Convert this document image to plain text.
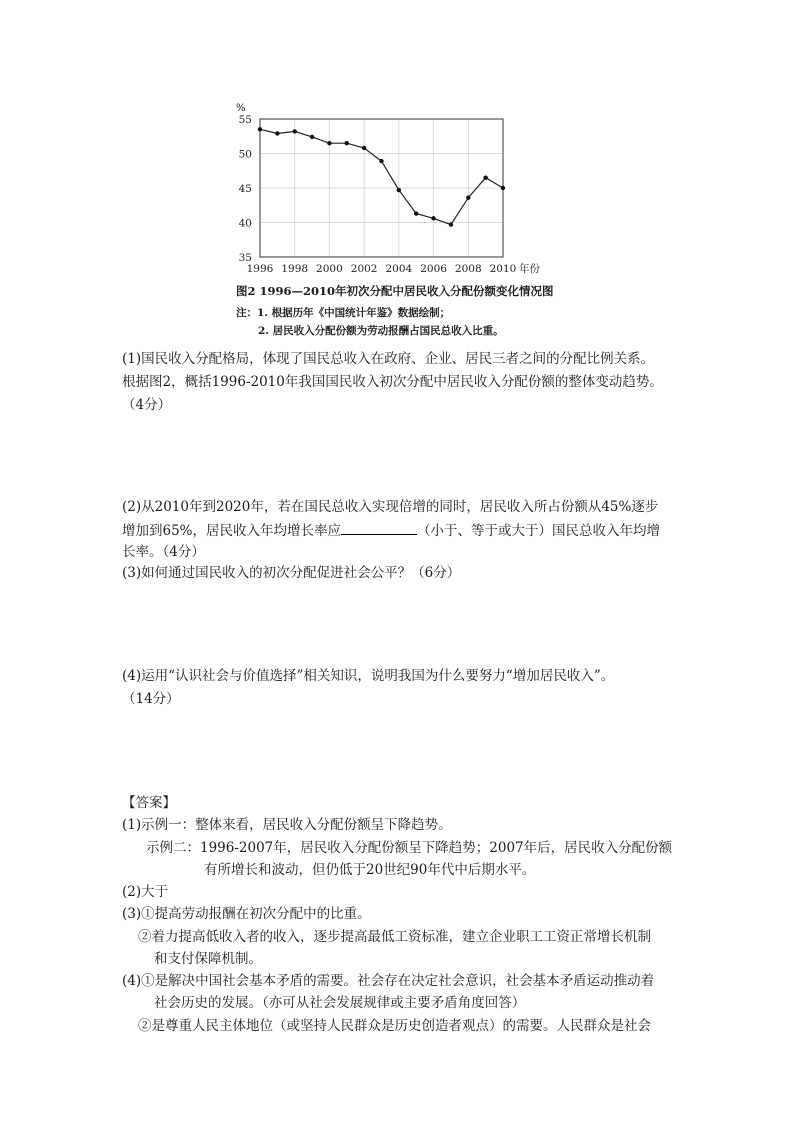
%
35
40
45
50
55
1996 1998 2000 2002 2004 2006 2008 2010 年份
图2 1996—2010年初次分配中居民收入分配份额变化情况图
注：1. 根据历年《中国统计年鉴》数据绘制；
2. 居民收入分配份额为劳动报酬占国民总收入比重。
(1)国民收入分配格局，体现了国民总收入在政府、企业、居民三者之间的分配比例关系。
根据图2，概括1996-2010年我国国民收入初次分配中居民收入分配份额的整体变动趋势。
（4分）
(2)从2010年到2020年，若在国民总收入实现倍增的同时，居民收入所占份额从45%逐步
增加到65%，居民收入年均增长率应	（小于、等于或大于）国民总收入年均增
长率。（4分）
(3)如何通过国民收入的初次分配促进社会公平？（6分）
(4)运用“认识社会与价值选择”相关知识，说明我国为什么要努力“增加居民收入”。
（14分）
【答案】
(1)示例一：整体来看，居民收入分配份额呈下降趋势。
示例二：1996-2007年，居民收入分配份额呈下降趋势；2007年后，居民收入分配份额
有所增长和波动，但仍低于20世纪90年代中后期水平。
(2)大于
(3)①提高劳动报酬在初次分配中的比重。
②着力提高低收入者的收入，逐步提高最低工资标准，建立企业职工工资正常增长机制
和支付保障机制。
(4)①是解决中国社会基本矛盾的需要。社会存在决定社会意识，社会基本矛盾运动推动着
社会历史的发展。（亦可从社会发展规律或主要矛盾角度回答）
②是尊重人民主体地位（或坚持人民群众是历史创造者观点）的需要。人民群众是社会
